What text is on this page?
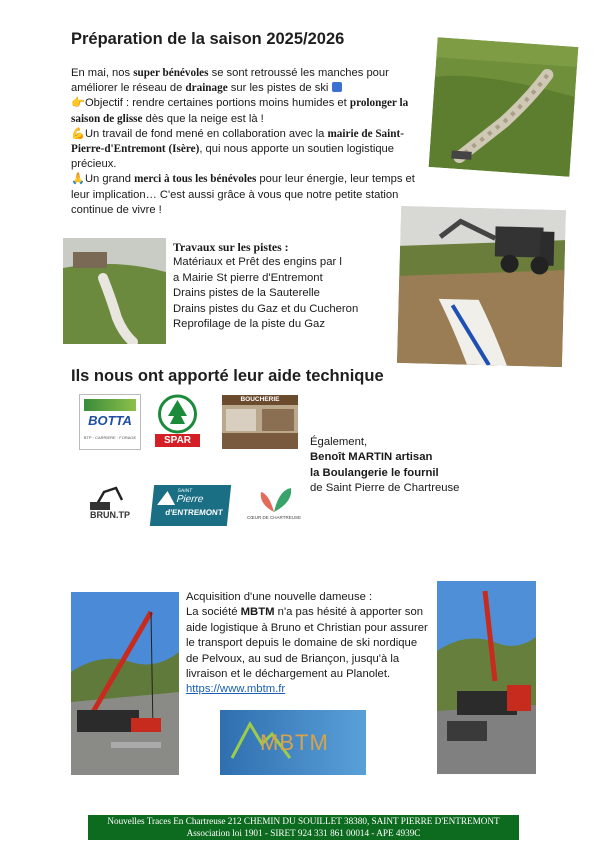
Préparation de la saison 2025/2026

En mai, nos super bénévoles se sont retroussé les manches pour améliorer le réseau de drainage sur les pistes de ski

👉Objectif : rendre certaines portions moins humides et prolonger la saison de glisse dès que la neige est là !

💪Un travail de fond mené en collaboration avec la mairie de Saint-Pierre-d'Entremont (Isère), qui nous apporte un soutien logistique précieux.

🙏Un grand merci à tous les bénévoles pour leur énergie, leur temps et leur implication… C'est aussi grâce à vous que notre petite station continue de vivre !

Travaux sur les pistes :
Matériaux et Prêt des engins par l
a Mairie St pierre d'Entremont
Drains pistes de la Sauterelle
Drains pistes du Gaz et du Cucheron
Reprofilage de la piste du Gaz
Ils nous ont apporté leur aide technique
BOTTA
BTP · CARRIERE · FORAGE	SPAR
BOUCHERIE
Également,
Benoît MARTIN artisan
la Boulangerie le fournil
de Saint Pierre de Chartreuse
BRUN.TP
SAINT
Pierre
d'ENTREMONT
CŒUR DE CHARTREUSE
Acquisition d'une nouvelle dameuse :
La société MBTM n'a pas hésité à apporter son aide logistique à Bruno et Christian pour assurer le transport depuis le domaine de ski nordique de Pelvoux, au sud de Briançon, jusqu'à la livraison et le déchargement au Planolet.
https://www.mbtm.fr
MBTM
Nouvelles Traces En Chartreuse 212 CHEMIN DU SOUILLET 38380, SAINT PIERRE D'ENTREMONT
Association loi 1901 - SIRET 924 331 861 00014 - APE 4939C
